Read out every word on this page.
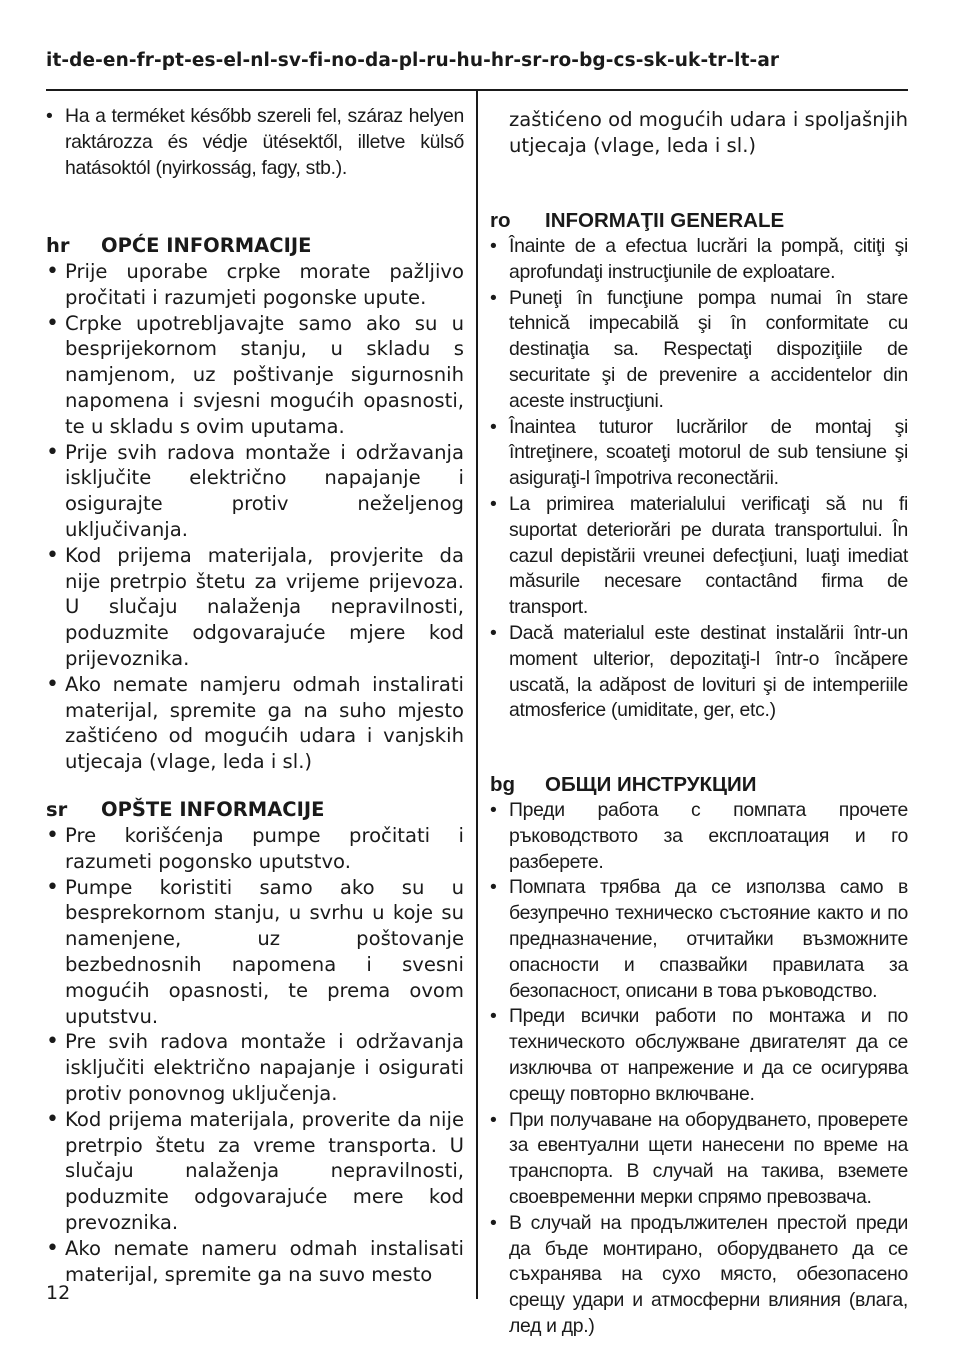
it-de-en-fr-pt-es-el-nl-sv-fi-no-da-pl-ru-hu-hr-sr-ro-bg-cs-sk-uk-tr-lt-ar
• Ha a terméket később szereli fel, száraz helyen raktározza és védje ütésektől, illetve külső hatásoktól (nyirkosság, fagy, stb.).
hr	OPĆE INFORMACIJE
• Prije uporabe crpke morate pažljivo pročitati i razumjeti pogonske upute.
• Crpke upotrebljavajte samo ako su u besprijekornom stanju, u skladu s namjenom, uz poštivanje sigurnosnih napomena i svjesni mogućih opasnosti, te u skladu s ovim uputama.
• Prije svih radova montaže i održavanja isključite električno napajanje i osigurajte protiv neželjenog uključivanja.
• Kod prijema materijala, provjerite da nije pretrpio štetu za vrijeme prijevoza. U slučaju nalaženja nepravilnosti, poduzmite odgovarajuće mjere kod prijevoznika.
• Ako nemate namjeru odmah instalirati materijal, spremite ga na suho mjesto zaštićeno od mogućih udara i vanjskih utjecaja (vlage, leda i sl.)
sr	OPŠTE INFORMACIJE
• Pre korišćenja pumpe pročitati i razumeti pogonsko uputstvo.
• Pumpe koristiti samo ako su u besprekornom stanju, u svrhu u koje su namenjene, uz poštovanje bezbednosnih napomena i svesni mogućih opasnosti, te prema ovom uputstvu.
• Pre svih radova montaže i održavanja isključiti električno napajanje i osigurati protiv ponovnog uključenja.
• Kod prijema materijala, proverite da nije pretrpio štetu za vreme transporta. U slučaju nalaženja nepravilnosti, poduzmite odgovarajuće mere kod prevoznika.
• Ako nemate nameru odmah instalisati materijal, spremite ga na suvo mesto

zaštićeno od mogućih udara i spoljašnjih utjecaja (vlage, leda i sl.)

ro	INFORMAŢII GENERALE
• Înainte de a efectua lucrări la pompă, citiţi şi aprofundaţi instrucţiunile de exploatare.
• Puneţi în funcţiune pompa numai în stare tehnică impecabilă şi în conformitate cu destinaţia sa. Respectaţi dispoziţiile de securitate şi de prevenire a accidentelor din aceste instrucţiuni.
• Înaintea tuturor lucrărilor de montaj şi întreţinere, scoateţi motorul de sub tensiune şi asiguraţi-l împotriva reconectării.
• La primirea materialului verificaţi să nu fi suportat deteriorări pe durata transportului. În cazul depistării vreunei defecţiuni, luaţi imediat măsurile necesare contactând firma de transport.
• Dacă materialul este destinat instalării într-un moment ulterior, depozitaţi-l într-o încăpere uscată, la adăpost de lovituri şi de intemperiile atmosferice (umiditate, ger, etc.)
bg	ОБЩИ ИНСТРУКЦИИ
• Преди работа с помпата прочете ръководството за експлоатация и го разберете.
• Помпата трябва да се използва само в безупречно техническо състояние както и по предназначение, отчитайки възможните опасности и спазвайки правилата за безопасност, описани в това ръководство.
• Преди всички работи по монтажа и по техническото обслужване двигателят да се изключва от напрежение и да се осигурява срещу повторно включване.
• При получаване на оборудването, проверете за евентуални щети нанесени по време на транспорта. В случай на такива, вземете своевременни мерки спрямо превозвача.
• В случай на продължителен престой преди да бъде монтирано, оборудването да се съхранява на сухо място, обезопасено срещу удари и атмосферни влияния (влага, лед и др.)
12
